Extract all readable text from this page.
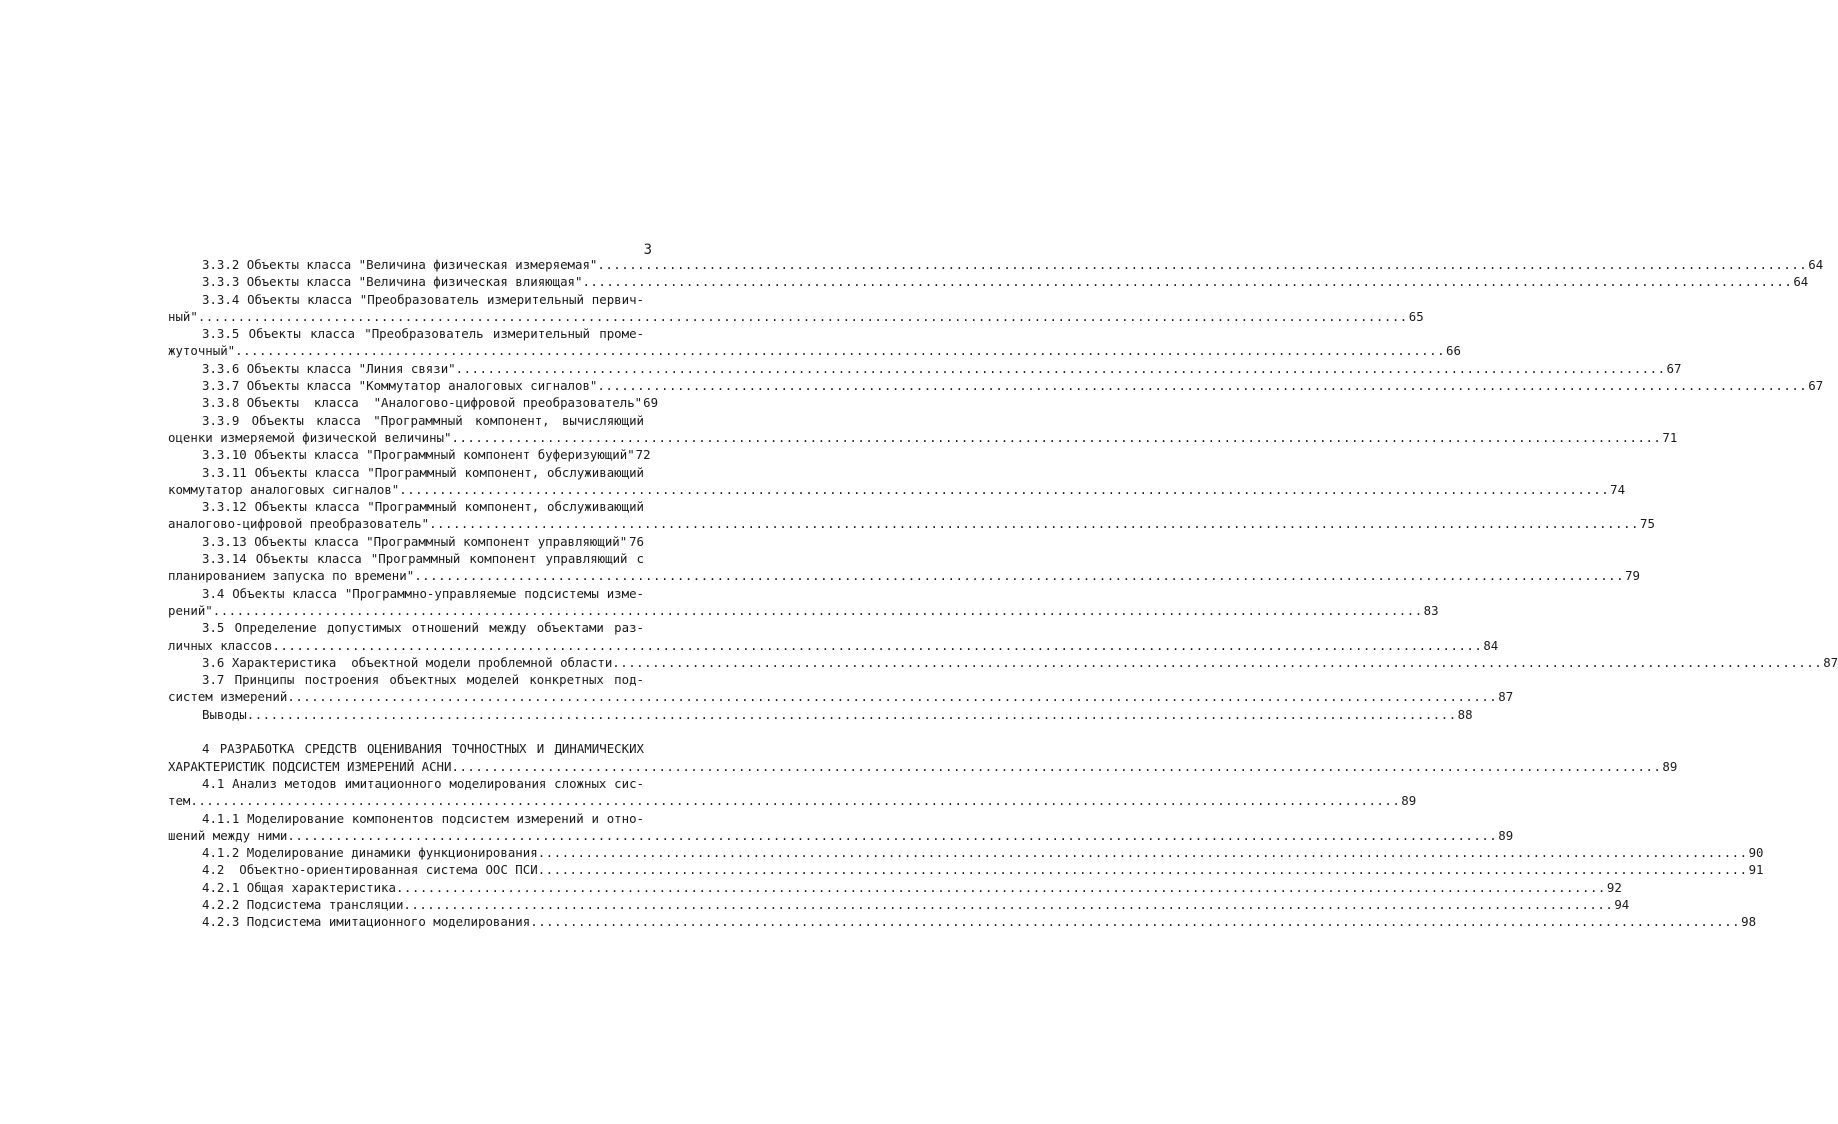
3
3.3.2 Объекты класса "Величина физическая измеряемая" .....	64
3.3.3 Объекты класса "Величина физическая влияющая" .....	64
3.3.4 Объекты класса "Преобразователь измерительный первич-
ный" .....	65
3.3.5 Объекты класса "Преобразователь измерительный проме-
жуточный" .....	66
3.3.6 Объекты класса "Линия связи" .....	67
3.3.7 Объекты класса "Коммутатор аналоговых сигналов" .....	67
3.3.8 Объекты  класса  "Аналогово-цифровой преобразователь" 69
3.3.9 Объекты класса "Программный компонент, вычисляющий
оценки измеряемой физической величины" .....	71
3.3.10 Объекты класса "Программный компонент буферизующий" 72
3.3.11 Объекты класса "Программный компонент, обслуживающий
коммутатор аналоговых сигналов" .....	74
3.3.12 Объекты класса "Программный компонент, обслуживающий
аналогово-цифровой преобразователь" .....	75
3.3.13 Объекты класса "Программный компонент управляющий" ..... 76
3.3.14 Объекты класса "Программный компонент управляющий с
планированием запуска по времени" .....	79
3.4 Объекты класса "Программно-управляемые подсистемы изме-
рений" .....	83
3.5 Определение допустимых отношений между объектами раз-
личных классов .....	84
3.6 Характеристика  объектной модели проблемной области .....	87
3.7 Принципы построения объектных моделей конкретных под-
систем измерений .....	87
Выводы .....	88
4 РАЗРАБОТКА СРЕДСТВ ОЦЕНИВАНИЯ ТОЧНОСТНЫХ И ДИНАМИЧЕСКИХ
ХАРАКТЕРИСТИК ПОДСИСТЕМ ИЗМЕРЕНИЙ АСНИ .....	89
4.1 Анализ методов имитационного моделирования сложных сис-
тем .....	89
4.1.1 Моделирование компонентов подсистем измерений и отно-
шений между ними .....	89
4.1.2 Моделирование динамики функционирования .....	90
4.2  Объектно-ориентированная система ООС ПСИ .....	91
4.2.1 Общая характеристика .....	92
4.2.2 Подсистема трансляции .....	94
4.2.3 Подсистема имитационного моделирования .....	98
